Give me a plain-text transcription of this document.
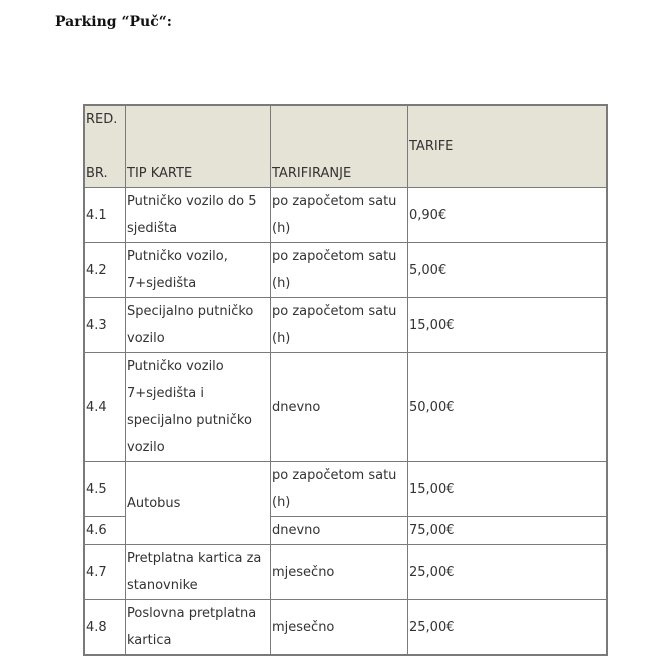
Parking “Puč“:
RED.
BR.	TIP KARTE	TARIFIRANJE	TARIFE
4.1	Putničko vozilo do 5 sjedišta	po započetom satu (h)	0,90€
4.2	Putničko vozilo, 7+sjedišta	po započetom satu (h)	5,00€
4.3	Specijalno putničko vozilo	po započetom satu (h)	15,00€
4.4	Putničko vozilo 7+sjedišta i specijalno putničko vozilo	dnevno	50,00€
4.5	Autobus	po započetom satu (h)	15,00€
4.6		dnevno	75,00€
4.7	Pretplatna kartica za stanovnike	mjesečno	25,00€
4.8	Poslovna pretplatna kartica	mjesečno	25,00€
